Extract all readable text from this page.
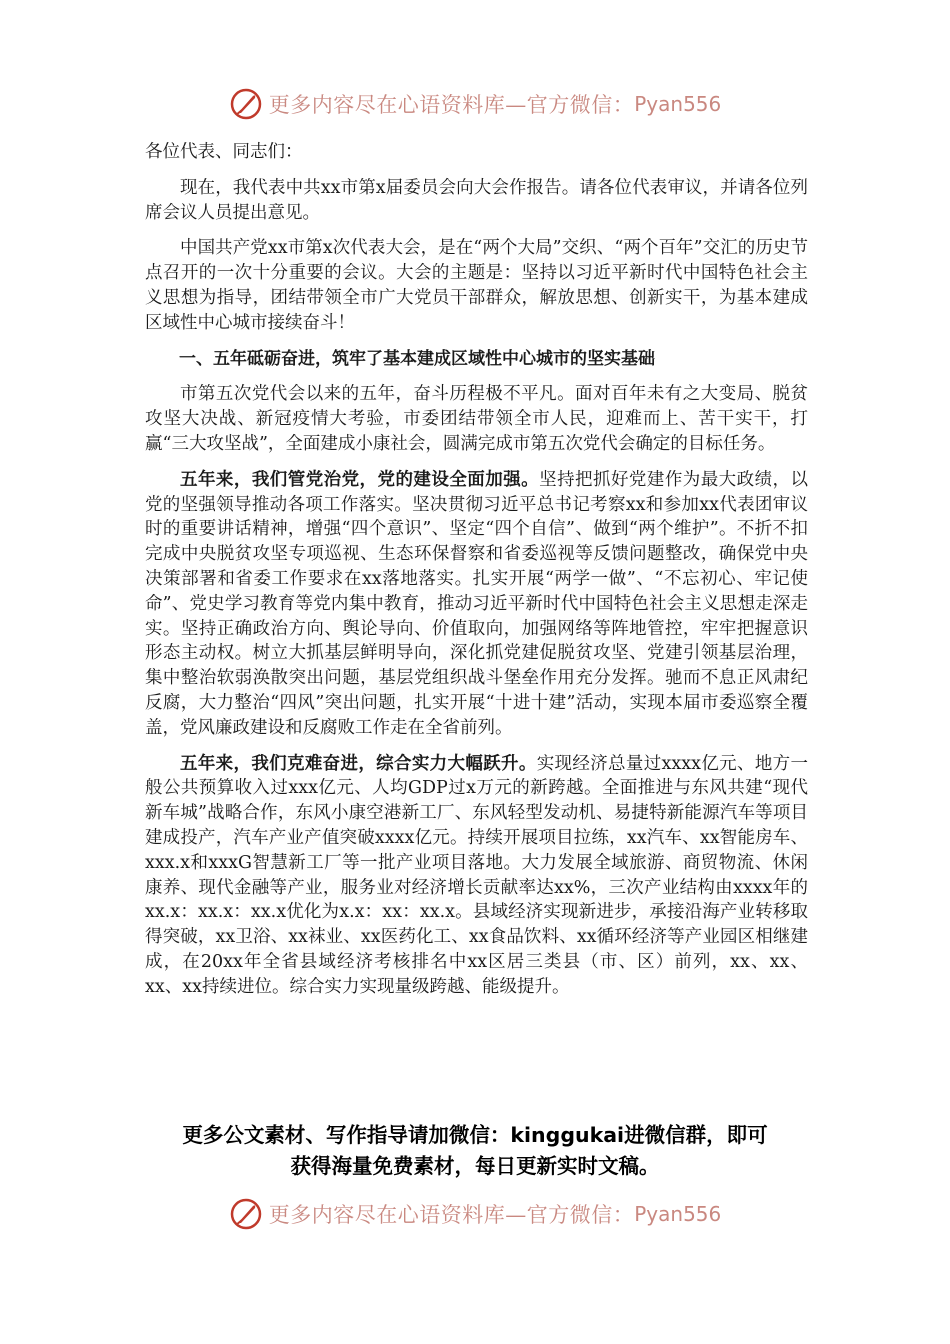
更多内容尽在心语资料库—官方微信： Pyan556

各位代表、同志们：

现在，我代表中共xx市第x届委员会向大会作报告。请各位代表审议，并请各位列席会议人员提出意见。

中国共产党xx市第x次代表大会，是在“两个大局”交织、“两个百年”交汇的历史节点召开的一次十分重要的会议。大会的主题是：坚持以习近平新时代中国特色社会主义思想为指导，团结带领全市广大党员干部群众，解放思想、创新实干，为基本建成区域性中心城市接续奋斗！

一、五年砥砺奋进，筑牢了基本建成区域性中心城市的坚实基础

市第五次党代会以来的五年，奋斗历程极不平凡。面对百年未有之大变局、脱贫攻坚大决战、新冠疫情大考验，市委团结带领全市人民，迎难而上、苦干实干，打赢“三大攻坚战”，全面建成小康社会，圆满完成市第五次党代会确定的目标任务。

五年来，我们管党治党，党的建设全面加强。坚持把抓好党建作为最大政绩，以党的坚强领导推动各项工作落实。坚决贯彻习近平总书记考察xx和参加xx代表团审议时的重要讲话精神，增强“四个意识”、坚定“四个自信”、做到“两个维护”。不折不扣完成中央脱贫攻坚专项巡视、生态环保督察和省委巡视等反馈问题整改，确保党中央决策部署和省委工作要求在xx落地落实。扎实开展“两学一做”、“不忘初心、牢记使命”、党史学习教育等党内集中教育，推动习近平新时代中国特色社会主义思想走深走实。坚持正确政治方向、舆论导向、价值取向，加强网络等阵地管控，牢牢把握意识形态主动权。树立大抓基层鲜明导向，深化抓党建促脱贫攻坚、党建引领基层治理，集中整治软弱涣散突出问题，基层党组织战斗堡垒作用充分发挥。驰而不息正风肃纪反腐，大力整治“四风”突出问题，扎实开展“十进十建”活动，实现本届市委巡察全覆盖，党风廉政建设和反腐败工作走在全省前列。

五年来，我们克难奋进，综合实力大幅跃升。实现经济总量过xxxx亿元、地方一般公共预算收入过xxx亿元、人均GDP过x万元的新跨越。全面推进与东风共建“现代新车城”战略合作，东风小康空港新工厂、东风轻型发动机、易捷特新能源汽车等项目建成投产，汽车产业产值突破xxxx亿元。持续开展项目拉练，xx汽车、xx智能房车、xxx.x和xxxG智慧新工厂等一批产业项目落地。大力发展全域旅游、商贸物流、休闲康养、现代金融等产业，服务业对经济增长贡献率达xx%，三次产业结构由xxxx年的xx.x：xx.x：xx.x优化为x.x：xx：xx.x。县域经济实现新进步，承接沿海产业转移取得突破，xx卫浴、xx袜业、xx医药化工、xx食品饮料、xx循环经济等产业园区相继建成，在20xx年全省县域经济考核排名中xx区居三类县（市、区）前列，xx、xx、xx、xx持续进位。综合实力实现量级跨越、能级提升。

更多公文素材、写作指导请加微信：kinggukai进微信群，即可
获得海量免费素材，每日更新实时文稿。
更多内容尽在心语资料库—官方微信： Pyan556
